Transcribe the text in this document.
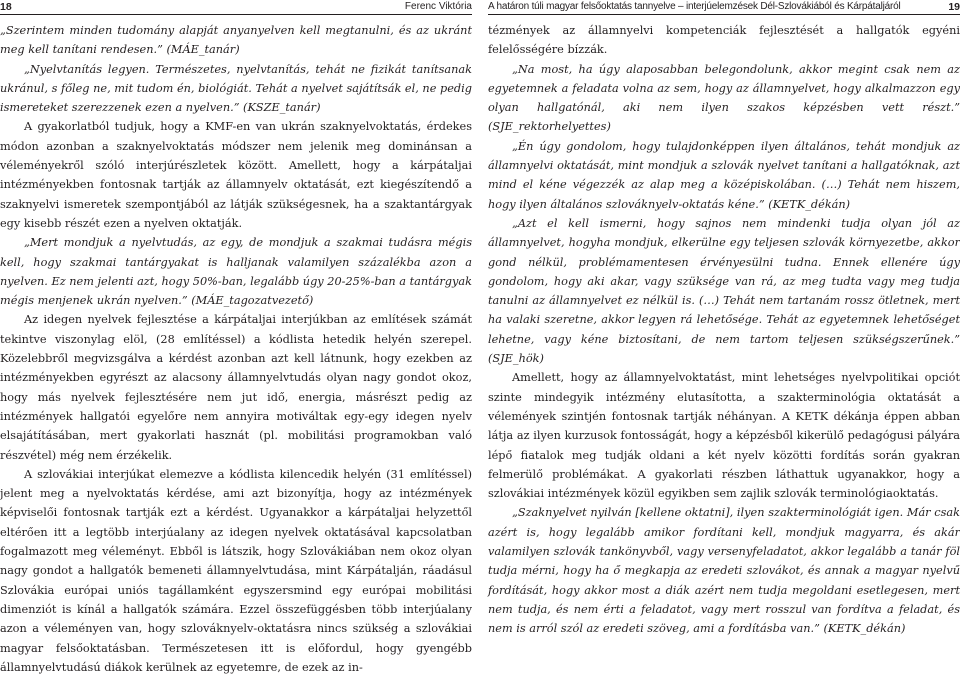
18	Ferenc Viktória

„Szerintem minden tudomány alapját anyanyelven kell megtanulni, és az ukránt meg kell tanítani rendesen.” (MÁE_tanár)

„Nyelvtanítás legyen. Természetes, nyelvtanítás, tehát ne fizikát tanítsanak ukránul, s főleg ne, mit tudom én, biológiát. Tehát a nyelvet sajátítsák el, ne pedig ismereteket szerezzenek ezen a nyelven.” (KSZE_tanár)

A gyakorlatból tudjuk, hogy a KMF-en van ukrán szaknyelvoktatás, érdekes módon azonban a szaknyelvoktatás módszer nem jelenik meg dominánsan a véleményekről szóló interjúrészletek között. Amellett, hogy a kárpátaljai intézményekben fontosnak tartják az államnyelv oktatását, ezt kiegészítendő a szaknyelvi ismeretek szempontjából az látják szükségesnek, ha a szaktantárgyak egy kisebb részét ezen a nyelven oktatják.

„Mert mondjuk a nyelvtudás, az egy, de mondjuk a szakmai tudásra mégis kell, hogy szakmai tantárgyakat is halljanak valamilyen százalékba azon a nyelven. Ez nem jelenti azt, hogy 50%-ban, legalább úgy 20-25%-ban a tantárgyak mégis menjenek ukrán nyelven.” (MÁE_tagozatvezető)

Az idegen nyelvek fejlesztése a kárpátaljai interjúkban az említések számát tekintve viszonylag elöl, (28 említéssel) a kódlista hetedik helyén szerepel. Közelebbről megvizsgálva a kérdést azonban azt kell látnunk, hogy ezekben az intézményekben egyrészt az alacsony államnyelvtudás olyan nagy gondot okoz, hogy más nyelvek fejlesztésére nem jut idő, energia, másrészt pedig az intézmények hallgatói egyelőre nem annyira motiváltak egy-egy idegen nyelv elsajátításában, mert gyakorlati hasznát (pl. mobilitási programokban való részvétel) még nem érzékelik.

A szlovákiai interjúkat elemezve a kódlista kilencedik helyén (31 említéssel) jelent meg a nyelvoktatás kérdése, ami azt bizonyítja, hogy az intézmények képviselői fontosnak tartják ezt a kérdést. Ugyanakkor a kárpátaljai helyzettől eltérően itt a legtöbb interjúalany az idegen nyelvek oktatásával kapcsolatban fogalmazott meg véleményt. Ebből is látszik, hogy Szlovákiában nem okoz olyan nagy gondot a hallgatók bemeneti államnyelvtudása, mint Kárpátalján, ráadásul Szlovákia európai uniós tagállamként egyszersmind egy európai mobilitási dimenziót is kínál a hallgatók számára. Ezzel összefüggésben több interjúalany azon a véleményen van, hogy szlováknyelv-oktatásra nincs szükség a szlovákiai magyar felsőoktatásban. Természetesen itt is előfordul, hogy gyengébb államnyelvtudású diákok kerülnek az egyetemre, de ezek az in-

A határon túli magyar felsőoktatás tannyelve – interjúelemzések Dél-Szlovákiából és Kárpátaljáról	19

tézmények az államnyelvi kompetenciák fejlesztését a hallgatók egyéni felelősségére bízzák.

„Na most, ha úgy alaposabban belegondolunk, akkor megint csak nem az egyetemnek a feladata volna az sem, hogy az államnyelvet, hogy alkalmazzon egy olyan hallgatónál, aki nem ilyen szakos képzésben vett részt.” (SJE_rektorhelyettes)

„Én úgy gondolom, hogy tulajdonképpen ilyen általános, tehát mondjuk az államnyelvi oktatását, mint mondjuk a szlovák nyelvet tanítani a hallgatóknak, azt mind el kéne végezzék az alap meg a középiskolában. (…) Tehát nem hiszem, hogy ilyen általános szlováknyelv-oktatás kéne.” (KETK_dékán)

„Azt el kell ismerni, hogy sajnos nem mindenki tudja olyan jól az államnyelvet, hogyha mondjuk, elkerülne egy teljesen szlovák környezetbe, akkor gond nélkül, problémamentesen érvényesülni tudna. Ennek ellenére úgy gondolom, hogy aki akar, vagy szüksége van rá, az meg tudta vagy meg tudja tanulni az államnyelvet ez nélkül is. (…) Tehát nem tartanám rossz ötletnek, mert ha valaki szeretne, akkor legyen rá lehetősége. Tehát az egyetemnek lehetőséget lehetne, vagy kéne biztosítani, de nem tartom teljesen szükségszerűnek.” (SJE_hök)

Amellett, hogy az államnyelvoktatást, mint lehetséges nyelvpolitikai opciót szinte mindegyik intézmény elutasította, a szakterminológia oktatását a vélemények szintjén fontosnak tartják néhányan. A KETK dékánja éppen abban látja az ilyen kurzusok fontosságát, hogy a képzésből kikerülő pedagógusi pályára lépő fiatalok meg tudják oldani a két nyelv közötti fordítás során gyakran felmerülő problémákat. A gyakorlati részben láthattuk ugyanakkor, hogy a szlovákiai intézmények közül egyikben sem zajlik szlovák terminológiaoktatás.

„Szaknyelvet nyilván [kellene oktatni], ilyen szakterminológiát igen. Már csak azért is, hogy legalább amikor fordítani kell, mondjuk magyarra, és akár valamilyen szlovák tankönyvből, vagy versenyfeladatot, akkor legalább a tanár föl tudja mérni, hogy ha ő megkapja az eredeti szlovákot, és annak a magyar nyelvű fordítását, hogy akkor most a diák azért nem tudja megoldani esetlegesen, mert nem tudja, és nem érti a feladatot, vagy mert rosszul van fordítva a feladat, és nem is arról szól az eredeti szöveg, ami a fordításba van.” (KETK_dékán)
